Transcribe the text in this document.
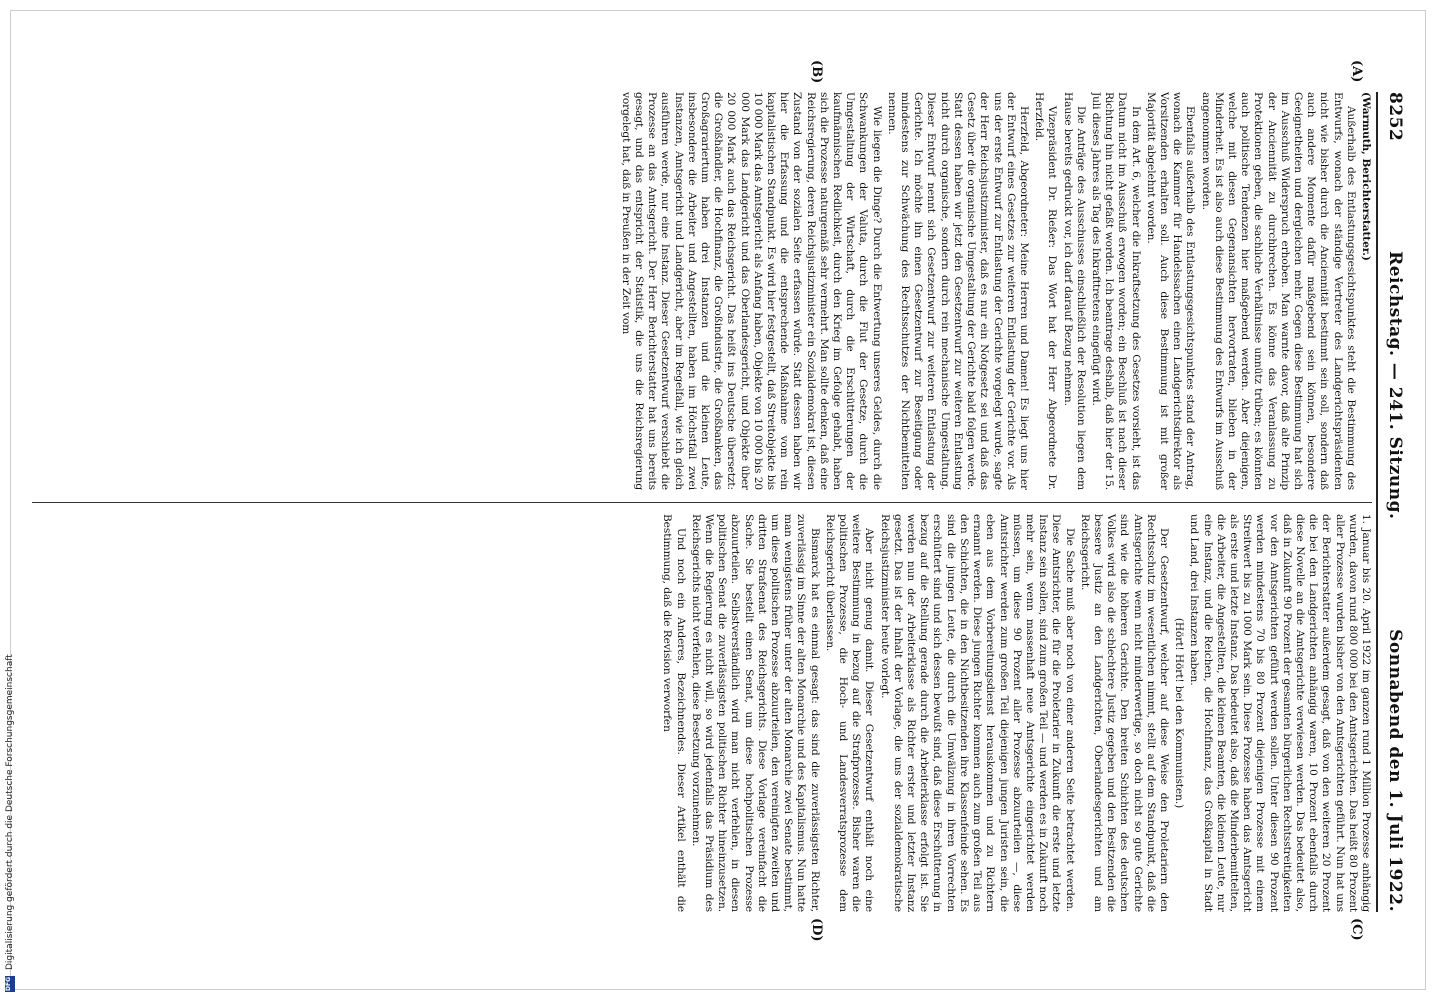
8252
Reichstag. — 241. Sitzung.
Sonnabend den 1. Juli 1922.
(A)
(B)
(C)
(D)

(Warmuth, Berichterstatter.)

Außerhalb des Entlastungsgesichtspunktes steht die Bestimmung des Entwurfs, wonach der ständige Vertreter des Landgerichtspräsidenten nicht wie bisher durch die Anciennität bestimmt sein soll, sondern daß auch andere Momente dafür maßgebend sein können, besondere Geeignetheiten und dergleichen mehr. Gegen diese Bestimmung hat sich im Ausschuß Widerspruch erhoben. Man warnte davor, daß alte Prinzip der Anciennität zu durchbrechen. Es könne das Veranlassung zu Protektionen geben, die sachliche Verhältnisse unnütz trüben; es könnten auch politische Tendenzen hier maßgebend werden. Aber diejenigen, welche mit diesen Gegenansichten hervortraten, blieben in der Minderheit. Es ist also auch diese Bestimmung des Entwurfs im Ausschuß angenommen worden.

Ebenfalls außerhalb des Entlastungsgesichtspunktes stand der Antrag, wonach die Kammer für Handelssachen einen Landgerichtsdirektor als Vorsitzenden erhalten soll. Auch diese Bestimmung ist mit großer Majorität abgelehnt worden.

In dem Art. 6, welcher die Inkraftsetzung des Gesetzes vorsieht, ist das Datum nicht im Ausschuß erwogen worden; ein Beschluß ist nach dieser Richtung hin nicht gefaßt worden. Ich beantrage deshalb, daß hier der 15. Juli dieses Jahres als Tag des Inkrafttretens eingefügt wird.

Die Anträge des Ausschusses einschließlich der Resolution liegen dem Hause bereits gedruckt vor, ich darf darauf Bezug nehmen.

Vizepräsident Dr. Rießer: Das Wort hat der Herr Abgeordnete Dr. Herzfeld.

Herzfeld, Abgeordneter: Meine Herren und Damen! Es liegt uns hier der Entwurf eines Gesetzes zur weiteren Entlastung der Gerichte vor. Als uns der erste Entwurf zur Entlastung der Gerichte vorgelegt wurde, sagte der Herr Reichsjustizminister, daß es nur ein Notgesetz sei und daß das Gesetz über die organische Umgestaltung der Gerichte bald folgen werde. Statt dessen haben wir jetzt den Gesetzentwurf zur weiteren Entlastung nicht durch organische, sondern durch rein mechanische Umgestaltung. Dieser Entwurf nennt sich Gesetzentwurf zur weiteren Entlastung der Gerichte. Ich möchte ihn einen Gesetzentwurf zur Beseitigung oder mindestens zur Schwächung des Rechtsschutzes der Nichtbemittelten nennen.

Wie liegen die Dinge? Durch die Entwertung unseres Geldes, durch die Schwankungen der Valuta, durch die Flut der Gesetze, durch die Umgestaltung der Wirtschaft, durch die Erschütterungen der kaufmännischen Redlichkeit, durch den Krieg im Gefolge gehabt, haben sich die Prozesse naturgemäß sehr vermehrt. Man sollte denken, daß eine Reichsregierung, deren Reichsjustizminister ein Sozialdemokrat ist, diesen Zustand von der sozialen Seite erfassen würde. Statt dessen haben wir hier die Erfassung und die entsprechende Maßnahme vom rein kapitalistischen Standpunkt. Es wird hier festgestellt, daß Streitobjekte bis 10 000 Mark das Amtsgericht als Anfang haben, Objekte von 10 000 bis 20 000 Mark das Landgericht und das Oberlandesgericht, und Objekte über 20 000 Mark auch das Reichsgericht. Das heißt ins Deutsche übersetzt: die Großhändler, die Hochfinanz, die Großindustrie, die Großbanken, das Großagrariertum haben drei Instanzen und die kleinen Leute, insbesondere die Arbeiter und Angestellten, haben im Höchstfall zwei Instanzen, Amtsgericht und Landgericht, aber im Regelfall, wie ich gleich ausführen werde, nur eine Instanz. Dieser Gesetzentwurf verschiebt die Prozesse an das Amtsgericht. Der Herr Berichterstatter hat uns bereits gesagt, und das entspricht der Statistik, die uns die Reichsregierung vorgelegt hat, daß in Preußen in der Zeit vom

1. Januar bis 20. April 1922 im ganzen rund 1 Million Prozesse anhängig wurden, davon rund 800 000 bei den Amtsgerichten. Das heißt 80 Prozent aller Prozesse wurden bisher von den Amtsgerichten geführt. Nun hat uns der Berichterstatter außerdem gesagt, daß von den weiteren 20 Prozent die bei den Landgerichten anhängig waren, 10 Prozent ebenfalls durch diese Novelle an die Amtsgerichte verwiesen werden. Das bedeutet also, daß in Zukunft 90 Prozent der gesamten bürgerlichen Rechtsstreitigkeiten vor den Amtsgerichten geführt werden sollen. Unter diesen 90 Prozent werden mindestens 70 bis 80 Prozent diejenigen Prozesse mit einem Streitwert bis zu 1000 Mark sein. Diese Prozesse haben das Amtsgericht als erste und letzte Instanz. Das bedeutet also, daß die Minderbemittelten, die Arbeiter, die Angestellten, die kleinen Beamten, die kleinen Leute, nur eine Instanz, und die Reichen, die Hochfinanz, das Großkapital in Stadt und Land, drei Instanzen haben.

(Hört! Hört! bei den Kommunisten.)

Der Gesetzentwurf, welcher auf diese Weise den Proletariern den Rechtsschutz im wesentlichen nimmt, stellt auf dem Standpunkt, daß die Amtsgerichte wenn nicht minderwertige, so doch nicht so gute Gerichte sind wie die höheren Gerichte. Den breiten Schichten des deutschen Volkes wird also die schlechtere Justiz gegeben und den Besitzenden die bessere Justiz an den Landgerichten, Oberlandesgerichten und am Reichsgericht.

Die Sache muß aber noch von einer anderen Seite betrachtet werden. Diese Amtsrichter, die für die Proletarier in Zukunft die erste und letzte Instanz sein sollen, sind zum großen Teil — und werden es in Zukunft noch mehr sein, wenn massenhaft neue Amtsgerichte eingerichtet werden müssen, um diese 90 Prozent aller Prozesse abzuurteilen —, diese Amtsrichter werden zum großen Teil diejenigen jungen Juristen sein, die eben aus dem Vorbereitungsdienst herauskommen und zu Richtern ernannt werden. Diese jungen Richter kommen auch zum großen Teil aus den Schichten, die in den Nichtbesitzenden ihre Klassenfeinde sehen. Es sind die jungen Leute, die durch die Umwälzung in ihren Vorrechten erschüttert sind und sich dessen bewußt sind, daß diese Erschütterung in bezug auf die Stellung gerade durch die Arbeiterklasse erfolgt ist. Sie werden nun der Arbeiterklasse als Richter erster und letzter Instanz gesetzt. Das ist der Inhalt der Vorlage, die uns der sozialdemokratische Reichsjustizminister heute vorlegt.

Aber nicht genug damit. Dieser Gesetzentwurf enthält noch eine weitere Bestimmung in bezug auf die Strafprozesse. Bisher waren die politischen Prozesse, die Hoch- und Landesverratsprozesse dem Reichsgericht überlassen.

Bismarck hat es einmal gesagt: das sind die zuverlässigsten Richter, zuverlässig im Sinne der alten Monarchie und des Kapitalismus. Nun hatte man wenigstens früher unter der alten Monarchie zwei Senate bestimmt, um diese politischen Prozesse abzuurteilen, den vereinigten zweiten und dritten Strafsenat des Reichsgerichts. Diese Vorlage vereinfacht die Sache. Sie bestellt einen Senat, um diese hochpolitischen Prozesse abzuurteilen. Selbstverständlich wird man nicht verfehlen, in diesen politischen Senat die zuverlässigsten politischen Richter hineinzusetzen. Wenn die Regierung es nicht will, so wird jedenfalls das Präsidium des Reichsgerichts nicht verfehlen, diese Besetzung vorzunehmen.

Und noch ein Anderes, Bezeichnendes. Dieser Artikel enthält die Bestimmung, daß die Revision verworfen

DFG
Digitalisierung gefördert durch die Deutsche Forschungsgemeinschaft
